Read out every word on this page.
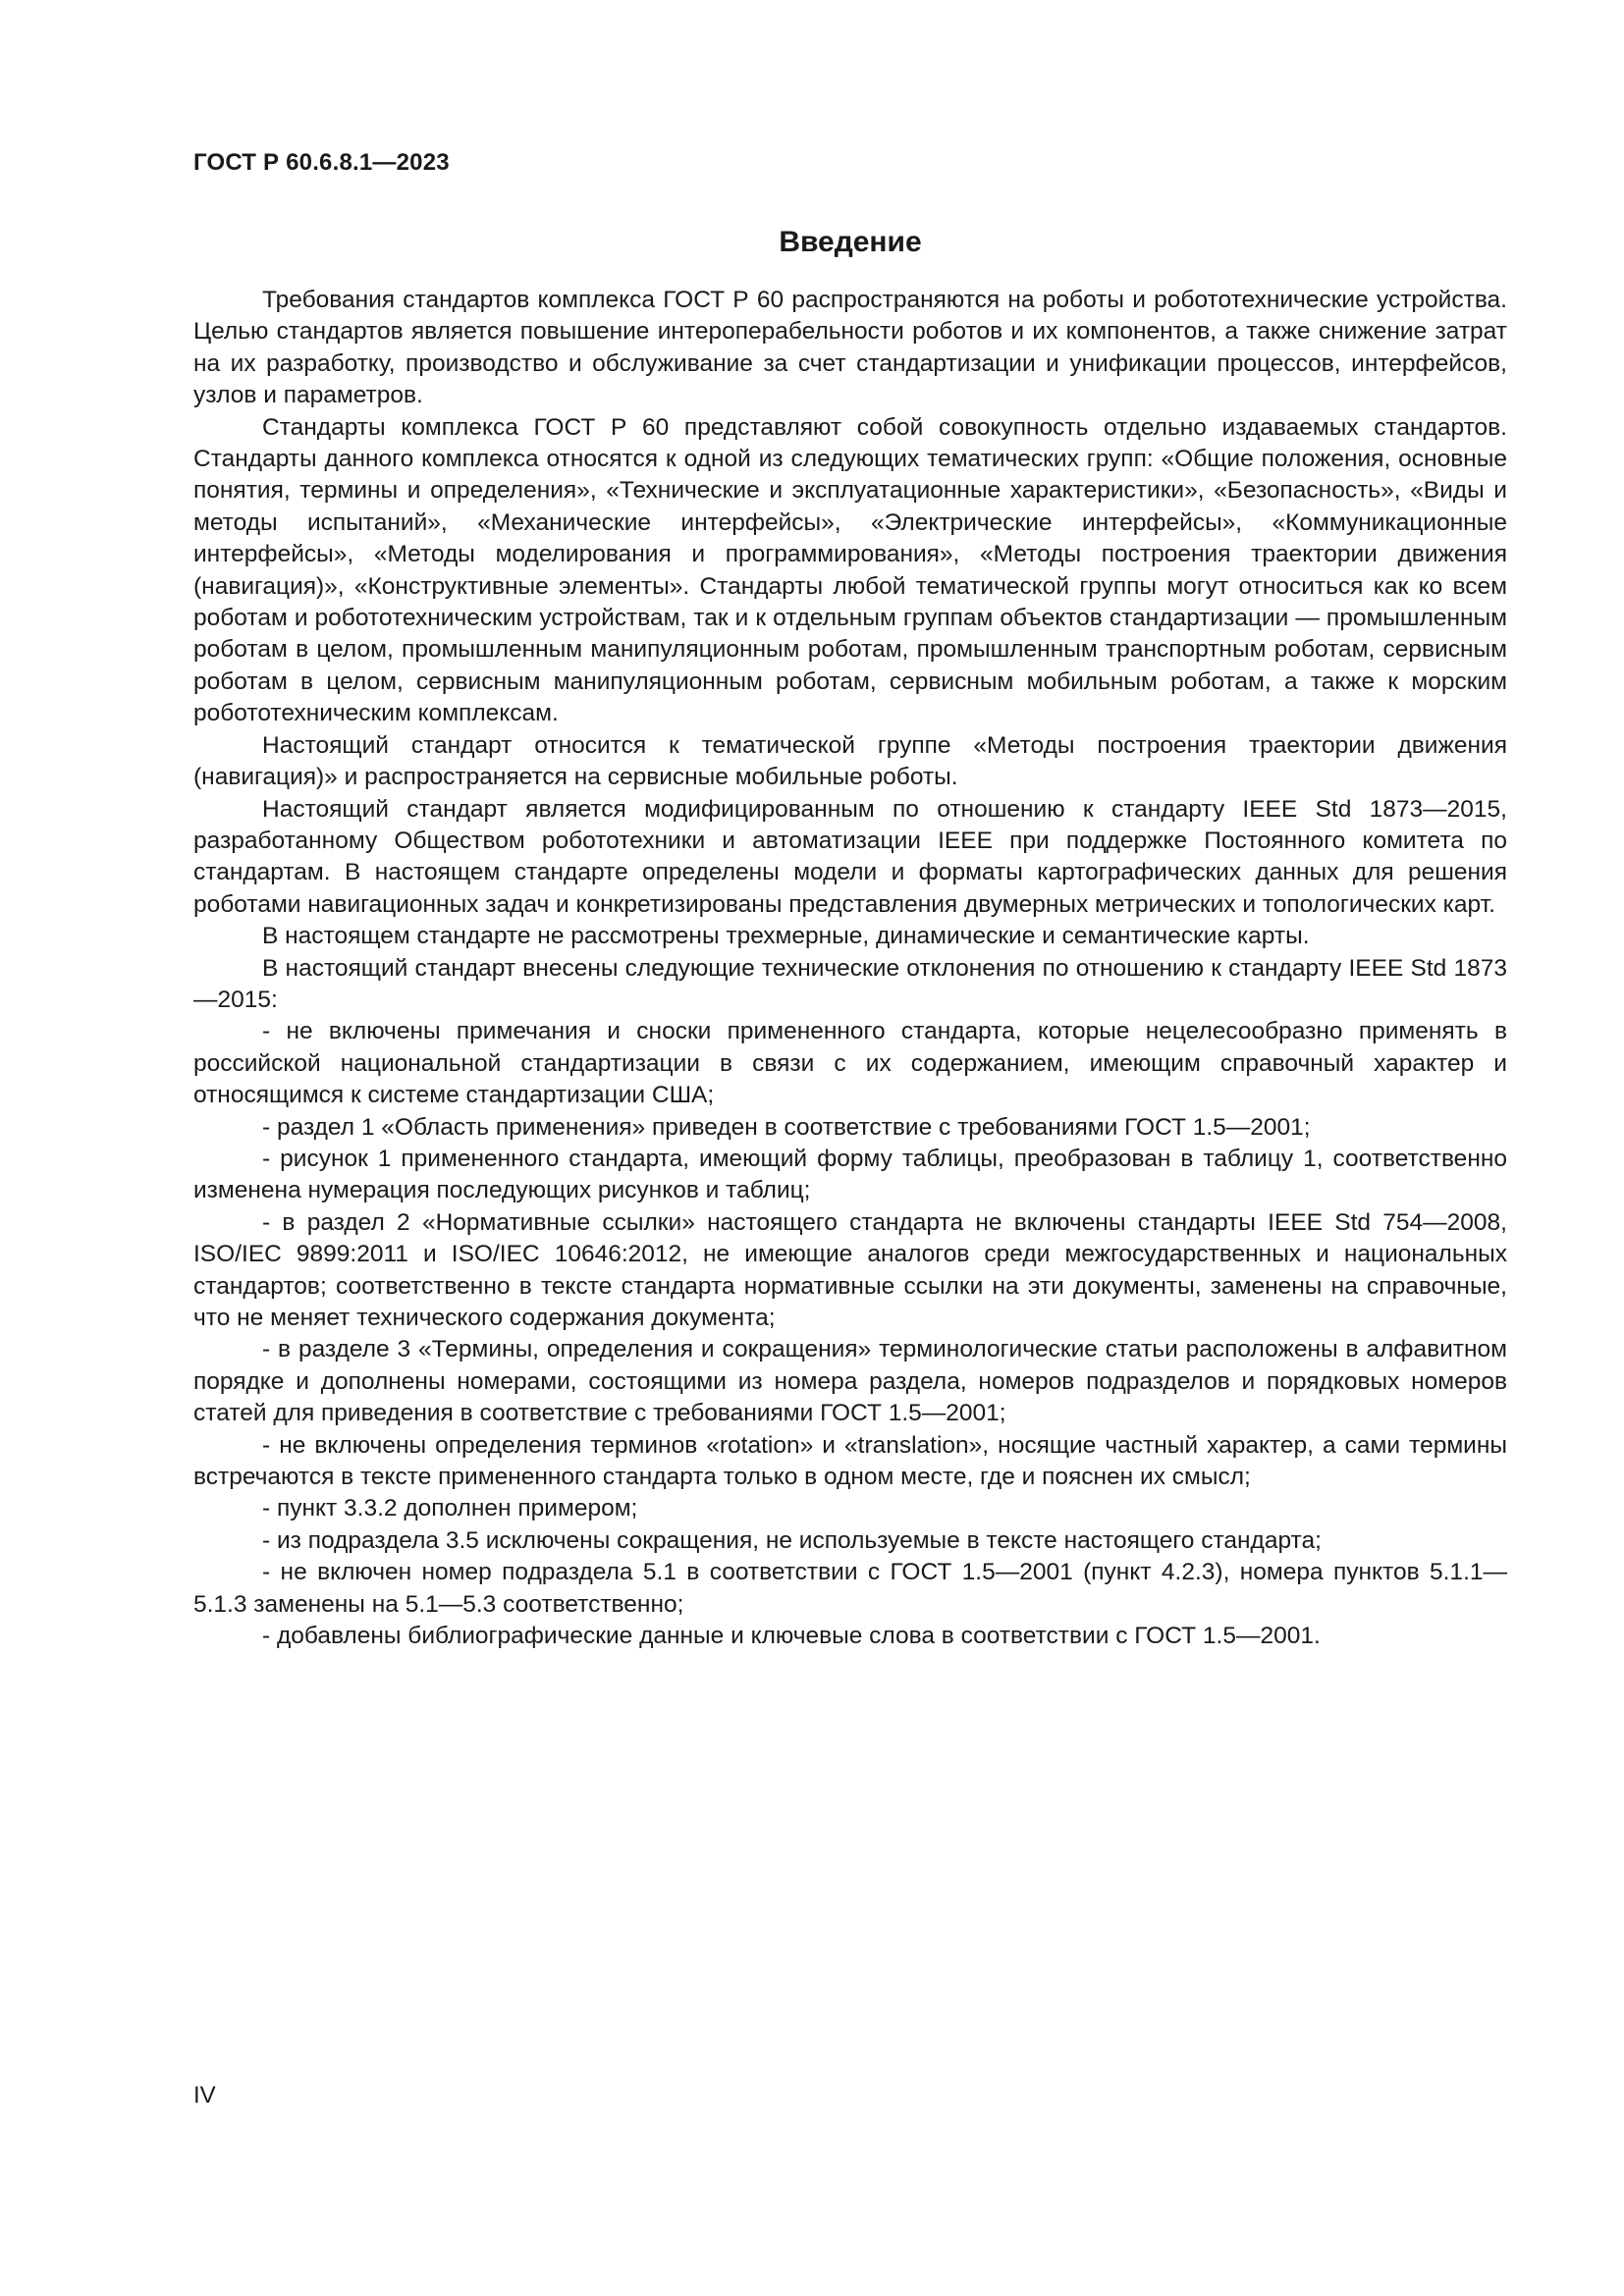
ГОСТ Р 60.6.8.1—2023

Введение

Требования стандартов комплекса ГОСТ Р 60 распространяются на роботы и робототехнические устройства. Целью стандартов является повышение интероперабельности роботов и их компонентов, а также снижение затрат на их разработку, производство и обслуживание за счет стандартизации и унификации процессов, интерфейсов, узлов и параметров.

Стандарты комплекса ГОСТ Р 60 представляют собой совокупность отдельно издаваемых стандартов. Стандарты данного комплекса относятся к одной из следующих тематических групп: «Общие положения, основные понятия, термины и определения», «Технические и эксплуатационные характеристики», «Безопасность», «Виды и методы испытаний», «Механические интерфейсы», «Электрические интерфейсы», «Коммуникационные интерфейсы», «Методы моделирования и программирования», «Методы построения траектории движения (навигация)», «Конструктивные элементы». Стандарты любой тематической группы могут относиться как ко всем роботам и робототехническим устройствам, так и к отдельным группам объектов стандартизации — промышленным роботам в целом, промышленным манипуляционным роботам, промышленным транспортным роботам, сервисным роботам в целом, сервисным манипуляционным роботам, сервисным мобильным роботам, а также к морским робототехническим комплексам.

Настоящий стандарт относится к тематической группе «Методы построения траектории движения (навигация)» и распространяется на сервисные мобильные роботы.

Настоящий стандарт является модифицированным по отношению к стандарту IEEE Std 1873—2015, разработанному Обществом робототехники и автоматизации IEEE при поддержке Постоянного комитета по стандартам. В настоящем стандарте определены модели и форматы картографических данных для решения роботами навигационных задач и конкретизированы представления двумерных метрических и топологических карт.

В настоящем стандарте не рассмотрены трехмерные, динамические и семантические карты.

В настоящий стандарт внесены следующие технические отклонения по отношению к стандарту IEEE Std 1873—2015:

- не включены примечания и сноски примененного стандарта, которые нецелесообразно применять в российской национальной стандартизации в связи с их содержанием, имеющим справочный характер и относящимся к системе стандартизации США;

- раздел 1 «Область применения» приведен в соответствие с требованиями ГОСТ 1.5—2001;

- рисунок 1 примененного стандарта, имеющий форму таблицы, преобразован в таблицу 1, соответственно изменена нумерация последующих рисунков и таблиц;

- в раздел 2 «Нормативные ссылки» настоящего стандарта не включены стандарты IEEE Std 754—2008, ISO/IEC 9899:2011 и ISO/IEC 10646:2012, не имеющие аналогов среди межгосударственных и национальных стандартов; соответственно в тексте стандарта нормативные ссылки на эти документы, заменены на справочные, что не меняет технического содержания документа;

- в разделе 3 «Термины, определения и сокращения» терминологические статьи расположены в алфавитном порядке и дополнены номерами, состоящими из номера раздела, номеров подразделов и порядковых номеров статей для приведения в соответствие с требованиями ГОСТ 1.5—2001;

- не включены определения терминов «rotation» и «translation», носящие частный характер, а сами термины встречаются в тексте примененного стандарта только в одном месте, где и пояснен их смысл;

- пункт 3.3.2 дополнен примером;

- из подраздела 3.5 исключены сокращения, не используемые в тексте настоящего стандарта;

- не включен номер подраздела 5.1 в соответствии с ГОСТ 1.5—2001 (пункт 4.2.3), номера пунктов 5.1.1—5.1.3 заменены на 5.1—5.3 соответственно;

- добавлены библиографические данные и ключевые слова в соответствии с ГОСТ 1.5—2001.

IV
